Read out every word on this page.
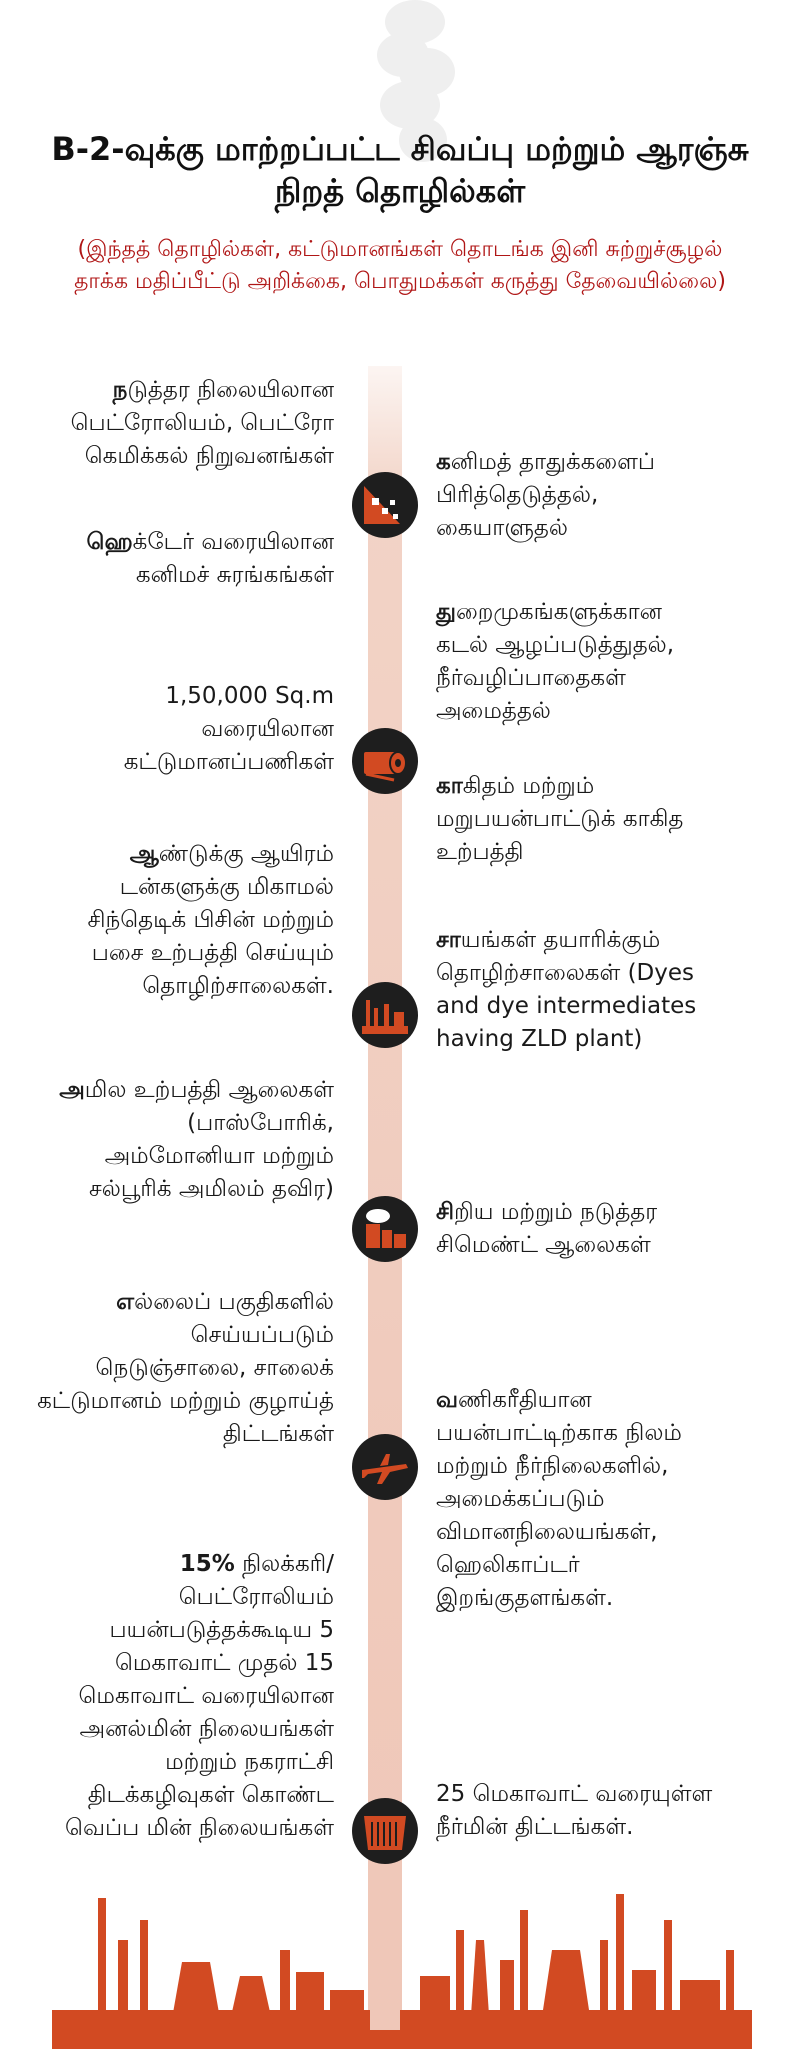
B-2-வுக்கு மாற்றப்பட்ட சிவப்பு மற்றும் ஆரஞ்சு நிறத் தொழில்கள்
(இந்தத் தொழில்கள், கட்டுமானங்கள் தொடங்க இனி சுற்றுச்சூழல் தாக்க மதிப்பீட்டு அறிக்கை, பொதுமக்கள் கருத்து தேவையில்லை)
நடுத்தர நிலையிலான பெட்ரோலியம், பெட்ரோ கெமிக்கல் நிறுவனங்கள்
ஹெக்டேர் வரையிலான கனிமச் சுரங்கங்கள்
1,50,000 Sq.m வரையிலான கட்டுமானப்பணிகள்
ஆண்டுக்கு ஆயிரம் டன்களுக்கு மிகாமல் சிந்தெடிக் பிசின் மற்றும் பசை உற்பத்தி செய்யும் தொழிற்சாலைகள்.
அமில உற்பத்தி ஆலைகள் (பாஸ்போரிக், அம்மோனியா மற்றும் சல்பூரிக் அமிலம் தவிர)
எல்லைப் பகுதிகளில் செய்யப்படும் நெடுஞ்சாலை, சாலைக் கட்டுமானம் மற்றும் குழாய்த் திட்டங்கள்
15% நிலக்கரி/ பெட்ரோலியம் பயன்படுத்தக்கூடிய 5 மெகாவாட் முதல் 15 மெகாவாட் வரையிலான அனல்மின் நிலையங்கள் மற்றும் நகராட்சி திடக்கழிவுகள் கொண்ட வெப்ப மின் நிலையங்கள்
கனிமத் தாதுக்களைப் பிரித்தெடுத்தல், கையாளுதல்
துறைமுகங்களுக்கான கடல் ஆழப்படுத்துதல், நீர்வழிப்பாதைகள் அமைத்தல்
காகிதம் மற்றும் மறுபயன்பாட்டுக் காகித உற்பத்தி
சாயங்கள் தயாரிக்கும் தொழிற்சாலைகள் (Dyes and dye intermediates having ZLD plant)
சிறிய மற்றும் நடுத்தர சிமெண்ட் ஆலைகள்
வணிகரீதியான பயன்பாட்டிற்காக நிலம் மற்றும் நீர்நிலைகளில், அமைக்கப்படும் விமானநிலையங்கள், ஹெலிகாப்டர் இறங்குதளங்கள்.
25 மெகாவாட் வரையுள்ள நீர்மின் திட்டங்கள்.
